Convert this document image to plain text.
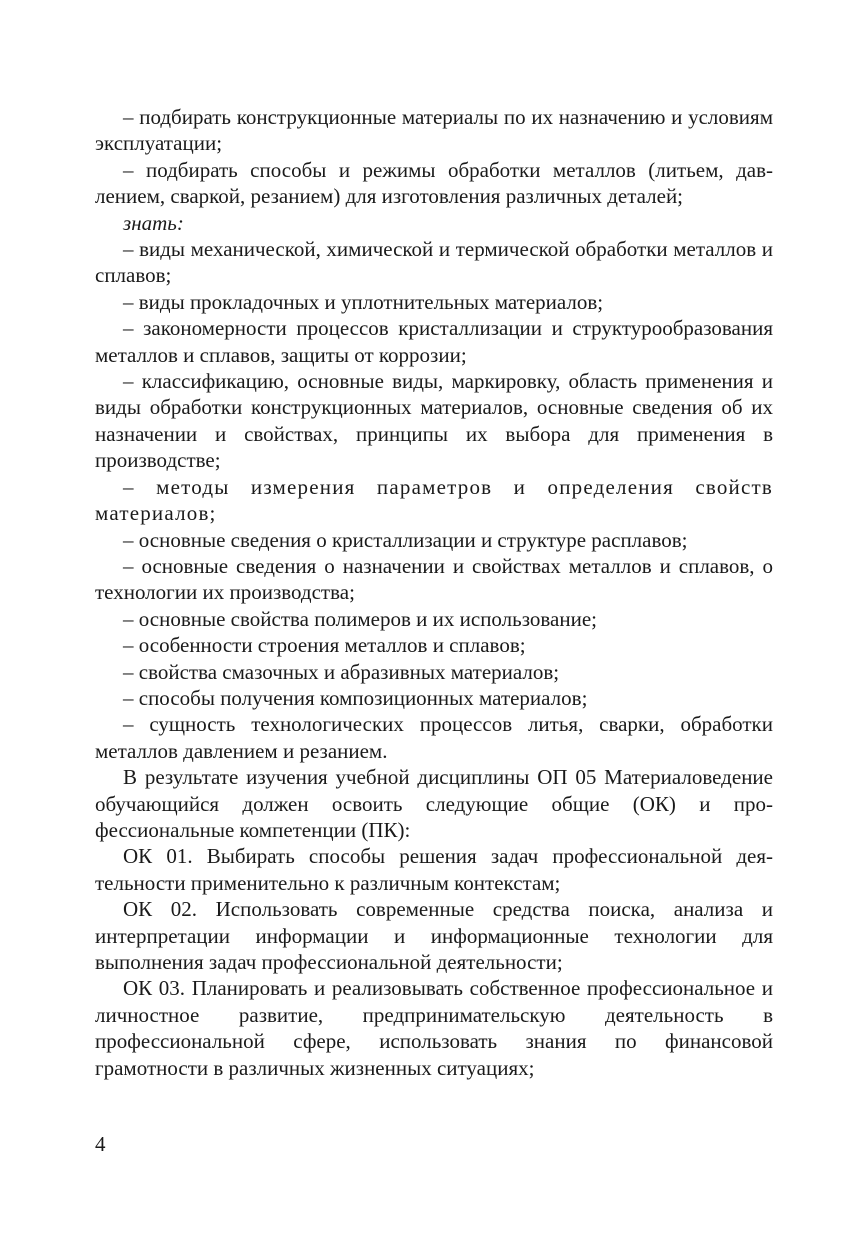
– подбирать конструкционные материалы по их назначению и условиям эксплуатации;

– подбирать способы и режимы обработки металлов (литьем, давлением, сваркой, резанием) для изготовления различных деталей;

знать:

– виды механической, химической и термической обработки металлов и сплавов;

– виды прокладочных и уплотнительных материалов;

– закономерности процессов кристаллизации и структурообразования металлов и сплавов, защиты от коррозии;

– классификацию, основные виды, маркировку, область применения и виды обработки конструкционных материалов, основные сведения об их назначении и свойствах, принципы их выбора для применения в производстве;

– методы измерения параметров и определения свойств материалов;

– основные сведения о кристаллизации и структуре расплавов;

– основные сведения о назначении и свойствах металлов и сплавов, о технологии их производства;

– основные свойства полимеров и их использование;

– особенности строения металлов и сплавов;

– свойства смазочных и абразивных материалов;

– способы получения композиционных материалов;

– сущность технологических процессов литья, сварки, обработки металлов давлением и резанием.

В результате изучения учебной дисциплины ОП 05 Материаловедение обучающийся должен освоить следующие общие (ОК) и профессиональные компетенции (ПК):

ОК 01. Выбирать способы решения задач профессиональной деятельности применительно к различным контекстам;

ОК 02. Использовать современные средства поиска, анализа и интерпретации информации и информационные технологии для выполнения задач профессиональной деятельности;

ОК 03. Планировать и реализовывать собственное профессиональное и личностное развитие, предпринимательскую деятельность в профессиональной сфере, использовать знания по финансовой грамотности в различных жизненных ситуациях;

4
